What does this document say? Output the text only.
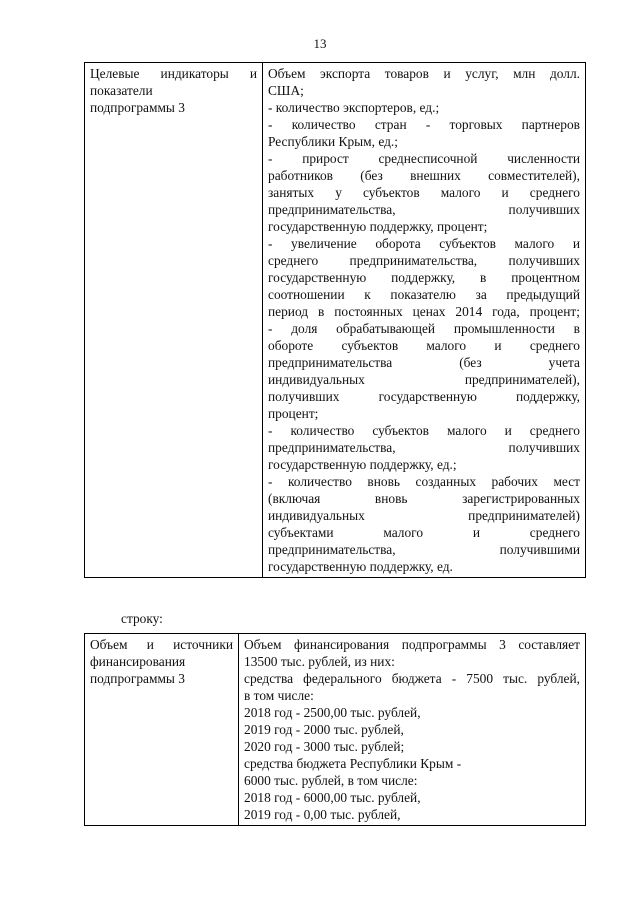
13
Целевые индикаторы и
показатели
подпрограммы 3

Объем экспорта товаров и услуг, млн долл.
США;
- количество экспортеров, ед.;
- количество стран - торговых партнеров
Республики Крым, ед.;
- прирост среднесписочной численности
работников (без внешних совместителей),
занятых у субъектов малого и среднего
предпринимательства, получивших
государственную поддержку, процент;
- увеличение оборота субъектов малого и
среднего предпринимательства, получивших
государственную поддержку, в процентном
соотношении к показателю за предыдущий
период в постоянных ценах 2014 года, процент;
- доля обрабатывающей промышленности в
обороте субъектов малого и среднего
предпринимательства (без учета
индивидуальных предпринимателей),
получивших государственную поддержку,
процент;
- количество субъектов малого и среднего
предпринимательства, получивших
государственную поддержку, ед.;
- количество вновь созданных рабочих мест
(включая вновь зарегистрированных
индивидуальных предпринимателей)
субъектами малого и среднего
предпринимательства, получившими
государственную поддержку, ед.
строку:
Объем и источники
финансирования
подпрограммы 3

Объем финансирования подпрограммы 3 составляет
13500 тыс. рублей, из них:
средства федерального бюджета - 7500 тыс. рублей,
в том числе:
2018 год - 2500,00 тыс. рублей,
2019 год - 2000 тыс. рублей,
2020 год - 3000 тыс. рублей;
средства бюджета Республики Крым -
6000 тыс. рублей, в том числе:
2018 год - 6000,00 тыс. рублей,
2019 год - 0,00 тыс. рублей,
